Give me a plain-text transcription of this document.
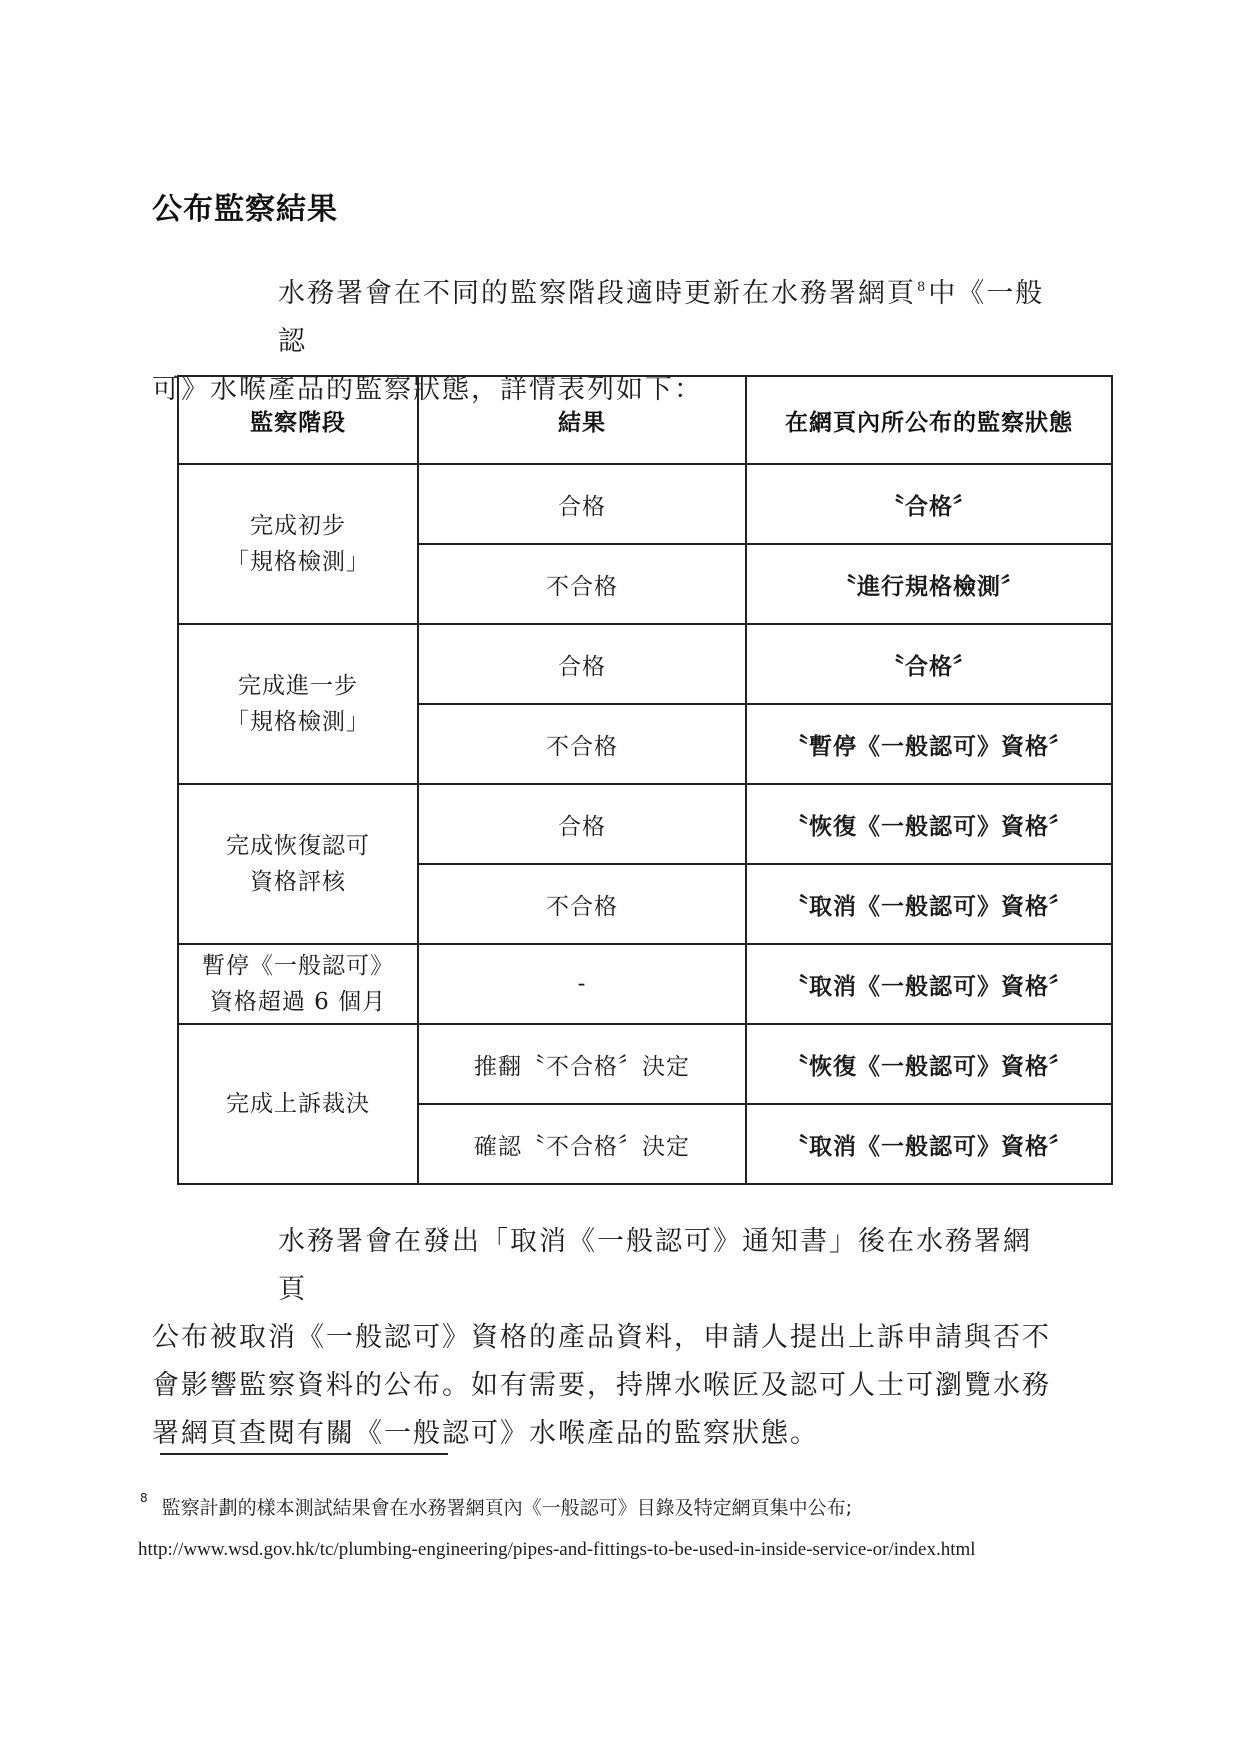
公布監察結果

水務署會在不同的監察階段適時更新在水務署網頁$^8$中《一般認

可》水喉產品的監察狀態，詳情表列如下：

監察階段	結果	在網頁內所公布的監察狀態

完成初步
「規格檢測」	合格	〝合格〞
	不合格	〝進行規格檢測〞

完成進一步
「規格檢測」	合格	〝合格〞
	不合格	〝暫停《一般認可》資格〞

完成恢復認可
資格評核	合格	〝恢復《一般認可》資格〞
	不合格	〝取消《一般認可》資格〞

暫停《一般認可》
資格超過 6 個月	-	〝取消《一般認可》資格〞

完成上訴裁決	推翻〝不合格〞決定	〝恢復《一般認可》資格〞
	確認〝不合格〞決定	〝取消《一般認可》資格〞

水務署會在發出「取消《一般認可》通知書」後在水務署網頁

公布被取消《一般認可》資格的產品資料，申請人提出上訴申請與否不

會影響監察資料的公布。如有需要，持牌水喉匠及認可人士可瀏覽水務

署網頁查閱有關《一般認可》水喉產品的監察狀態。

$^8$ 監察計劃的樣本測試結果會在水務署網頁內《一般認可》目錄及特定網頁集中公布;
http://www.wsd.gov.hk/tc/plumbing-engineering/pipes-and-fittings-to-be-used-in-inside-service-or/index.html
